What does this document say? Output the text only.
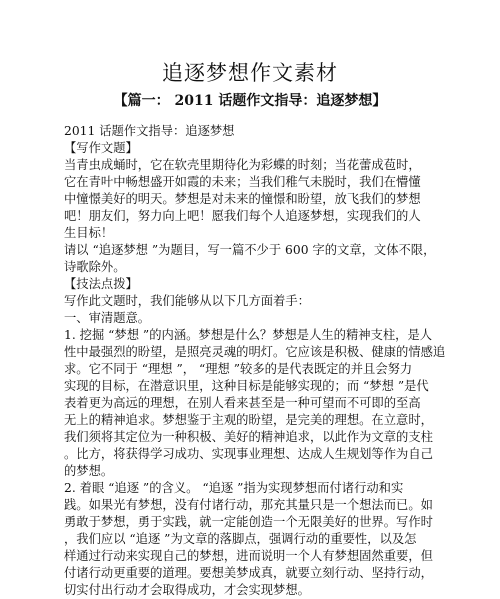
追逐梦想作文素材
【篇一： 2011 话题作文指导：追逐梦想】
2011 话题作文指导：追逐梦想
【写作文题】
当青虫成蛹时，它在软壳里期待化为彩蝶的时刻；当花蕾成苞时，
它在青叶中畅想盛开如霞的未来；当我们稚气未脱时，我们在懵懂
中憧憬美好的明天。梦想是对未来的憧憬和盼望，放飞我们的梦想
吧！朋友们，努力向上吧！愿我们每个人追逐梦想，实现我们的人
生目标！
请以 “追逐梦想 ”为题目，写一篇不少于 600 字的文章，文体不限，
诗歌除外。
【技法点拨】
写作此文题时，我们能够从以下几方面着手：
一、审清题意。
1. 挖掘 “梦想 ”的内涵。梦想是什么？梦想是人生的精神支柱，是人
性中最强烈的盼望，是照亮灵魂的明灯。它应该是积极、健康的情感追
求。它不同于 “理想 ”， “理想 ”较多的是代表既定的并且会努力
实现的目标，在潜意识里，这种目标是能够实现的；而 “梦想 ”是代
表着更为高远的理想，在别人看来甚至是一种可望而不可即的至高
无上的精神追求。梦想鉴于主观的盼望，是完美的理想。在立意时，
我们须将其定位为一种积极、美好的精神追求，以此作为文章的支柱
。比方，将获得学习成功、实现事业理想、达成人生规划等作为自己
的梦想。
2. 着眼 “追逐 ”的含义。 “追逐 ”指为实现梦想而付诸行动和实
践。如果光有梦想，没有付诸行动，那充其量只是一个想法而已。如
勇敢于梦想，勇于实践，就一定能创造一个无限美好的世界。写作时
，我们应以 “追逐 ”为文章的落脚点，强调行动的重要性，以及怎
样通过行动来实现自己的梦想，进而说明一个人有梦想固然重要，但
付诸行动更重要的道理。要想美梦成真，就要立刻行动、坚持行动，
切实付出行动才会取得成功，才会实现梦想。
